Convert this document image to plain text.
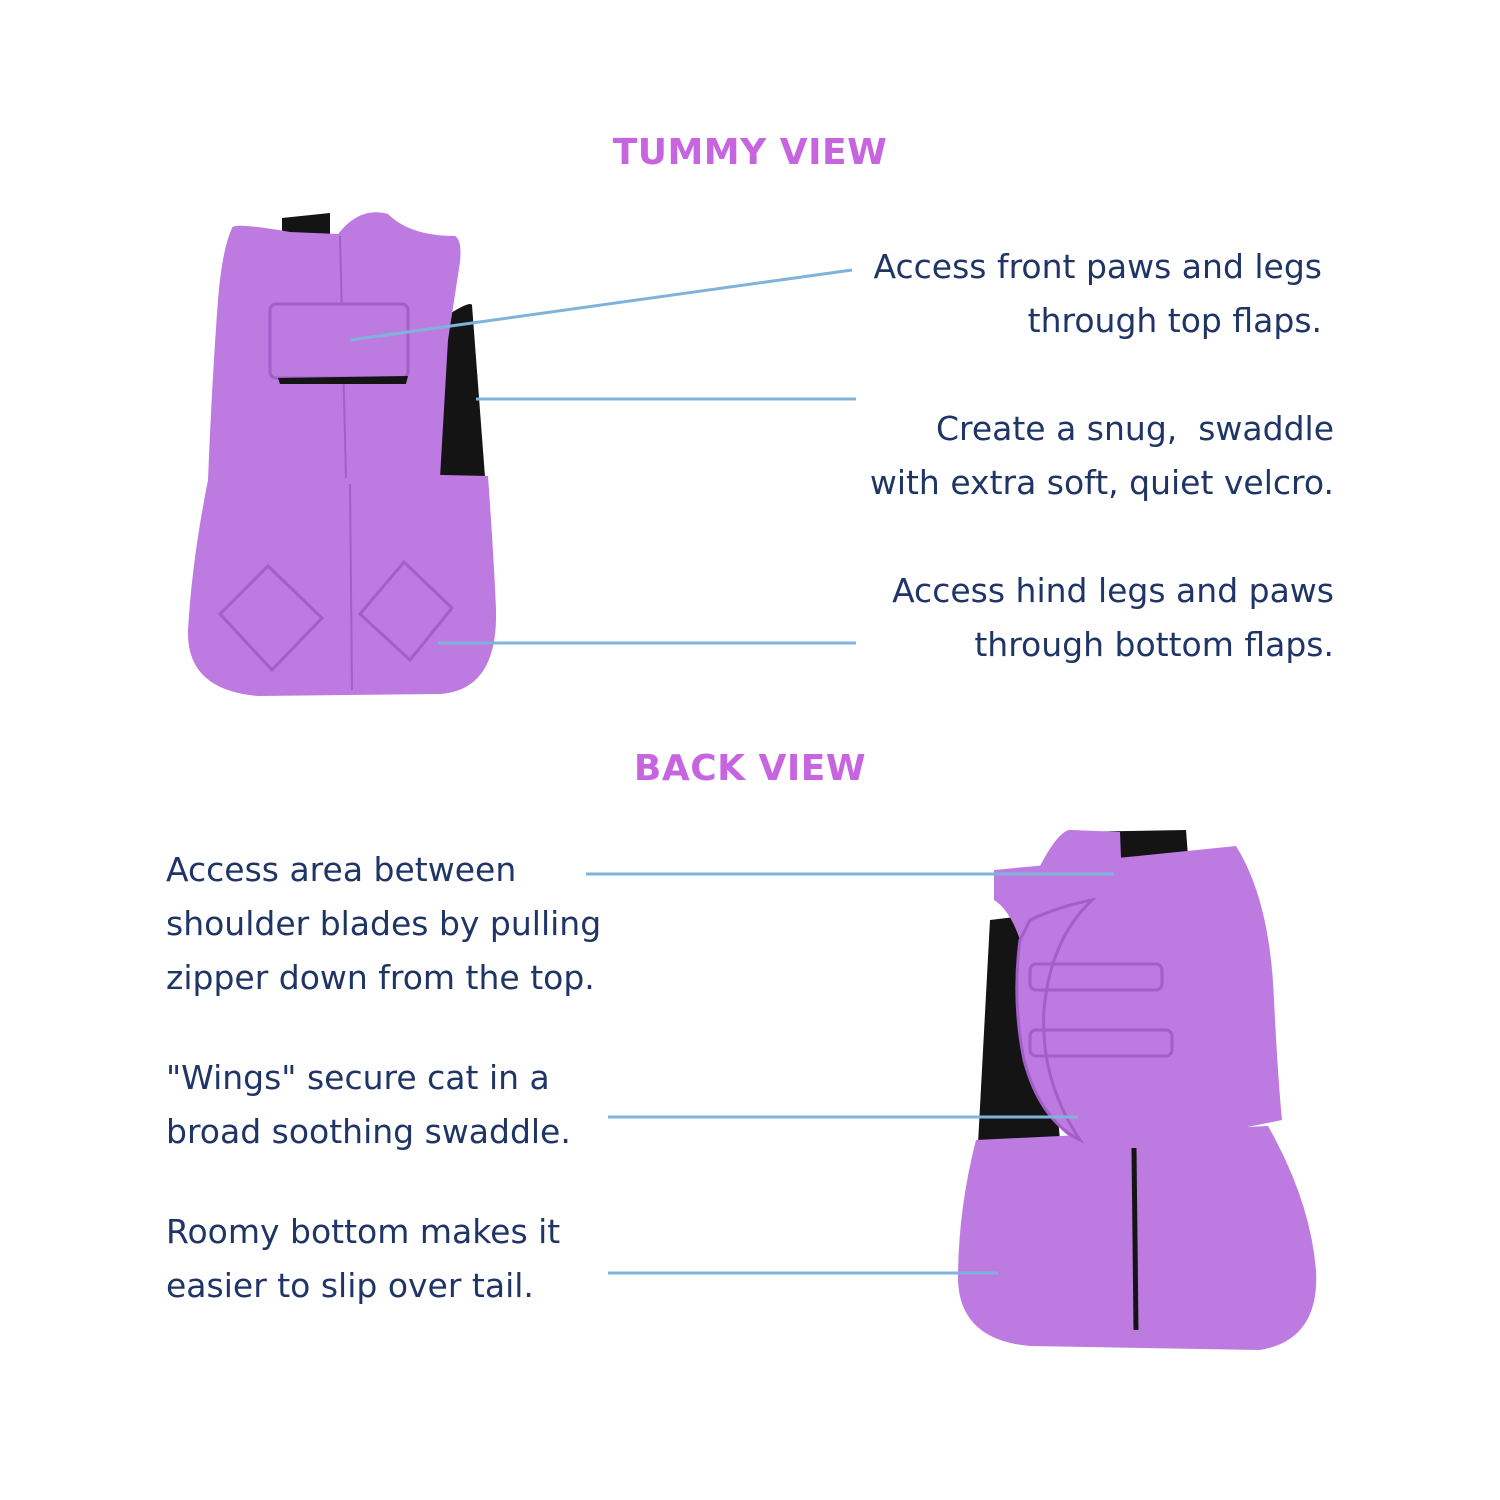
TUMMY VIEW
BACK VIEW
Access front paws and legs
through top flaps.
Create a snug,  swaddle
with extra soft, quiet velcro.
Access hind legs and paws
through bottom flaps.
Access area between
shoulder blades by pulling
zipper down from the top.
"Wings" secure cat in a
broad soothing swaddle.
Roomy bottom makes it
easier to slip over tail.
